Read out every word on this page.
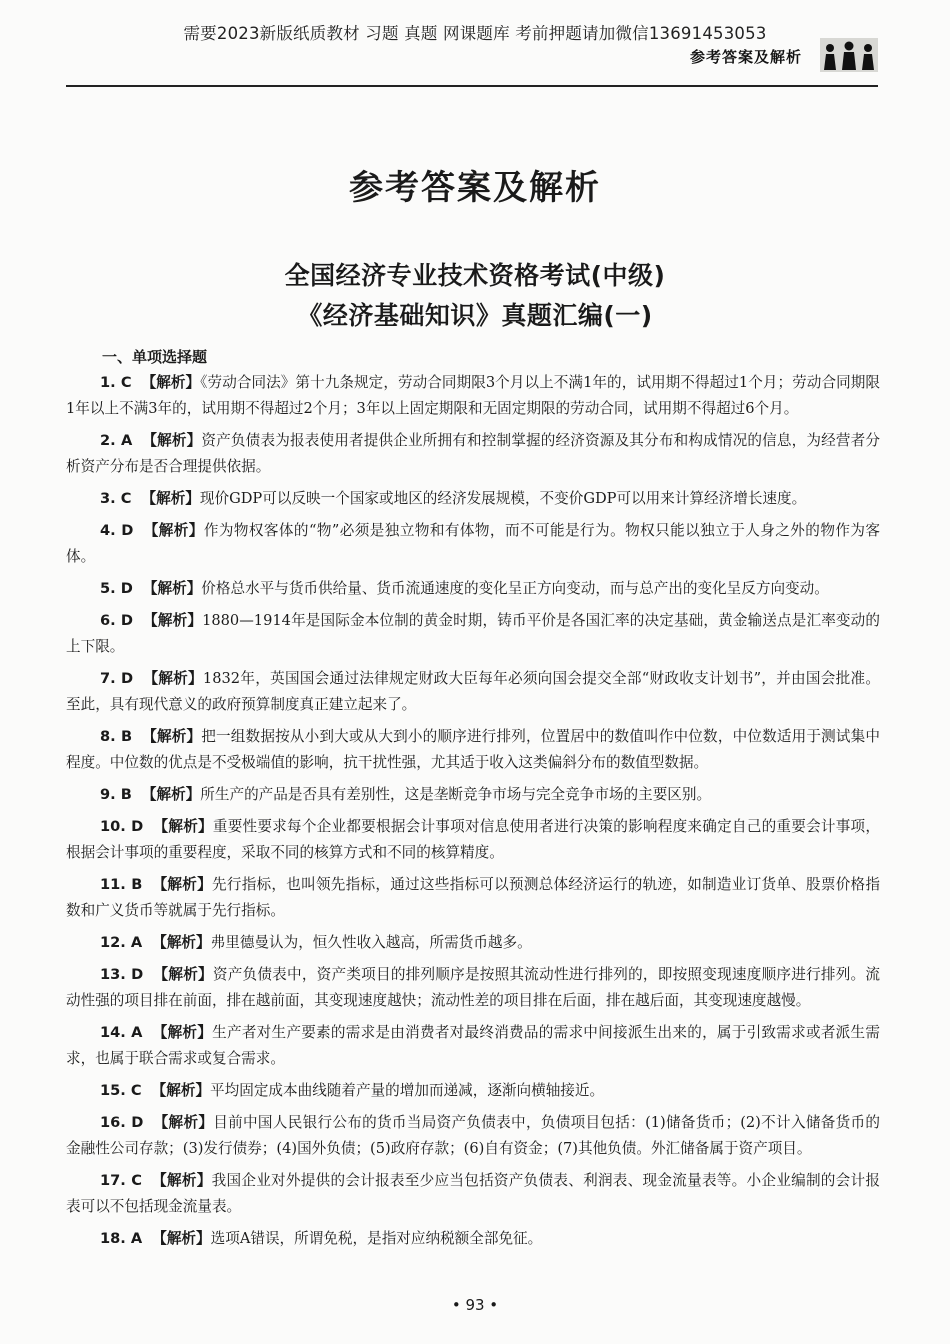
需要2023新版纸质教材 习题 真题 网课题库 考前押题请加微信13691453053
参考答案及解析
参考答案及解析
全国经济专业技术资格考试(中级)
《经济基础知识》真题汇编(一)
一、单项选择题

1. C 【解析】《劳动合同法》第十九条规定，劳动合同期限3个月以上不满1年的，试用期不得超过1个月；劳动合同期限1年以上不满3年的，试用期不得超过2个月；3年以上固定期限和无固定期限的劳动合同，试用期不得超过6个月。

2. A 【解析】资产负债表为报表使用者提供企业所拥有和控制掌握的经济资源及其分布和构成情况的信息，为经营者分析资产分布是否合理提供依据。

3. C 【解析】现价GDP可以反映一个国家或地区的经济发展规模，不变价GDP可以用来计算经济增长速度。

4. D 【解析】作为物权客体的“物”必须是独立物和有体物，而不可能是行为。物权只能以独立于人身之外的物作为客体。

5. D 【解析】价格总水平与货币供给量、货币流通速度的变化呈正方向变动，而与总产出的变化呈反方向变动。

6. D 【解析】1880—1914年是国际金本位制的黄金时期，铸币平价是各国汇率的决定基础，黄金输送点是汇率变动的上下限。

7. D 【解析】1832年，英国国会通过法律规定财政大臣每年必须向国会提交全部“财政收支计划书”，并由国会批准。至此，具有现代意义的政府预算制度真正建立起来了。

8. B 【解析】把一组数据按从小到大或从大到小的顺序进行排列，位置居中的数值叫作中位数，中位数适用于测试集中程度。中位数的优点是不受极端值的影响，抗干扰性强，尤其适于收入这类偏斜分布的数值型数据。

9. B 【解析】所生产的产品是否具有差别性，这是垄断竞争市场与完全竞争市场的主要区别。

10. D 【解析】重要性要求每个企业都要根据会计事项对信息使用者进行决策的影响程度来确定自己的重要会计事项，根据会计事项的重要程度，采取不同的核算方式和不同的核算精度。

11. B 【解析】先行指标，也叫领先指标，通过这些指标可以预测总体经济运行的轨迹，如制造业订货单、股票价格指数和广义货币等就属于先行指标。

12. A 【解析】弗里德曼认为，恒久性收入越高，所需货币越多。

13. D 【解析】资产负债表中，资产类项目的排列顺序是按照其流动性进行排列的，即按照变现速度顺序进行排列。流动性强的项目排在前面，排在越前面，其变现速度越快；流动性差的项目排在后面，排在越后面，其变现速度越慢。

14. A 【解析】生产者对生产要素的需求是由消费者对最终消费品的需求中间接派生出来的，属于引致需求或者派生需求，也属于联合需求或复合需求。

15. C 【解析】平均固定成本曲线随着产量的增加而递减，逐渐向横轴接近。

16. D 【解析】目前中国人民银行公布的货币当局资产负债表中，负债项目包括：(1)储备货币；(2)不计入储备货币的金融性公司存款；(3)发行债券；(4)国外负债；(5)政府存款；(6)自有资金；(7)其他负债。外汇储备属于资产项目。

17. C 【解析】我国企业对外提供的会计报表至少应当包括资产负债表、利润表、现金流量表等。小企业编制的会计报表可以不包括现金流量表。

18. A 【解析】选项A错误，所谓免税，是指对应纳税额全部免征。

• 93 •
